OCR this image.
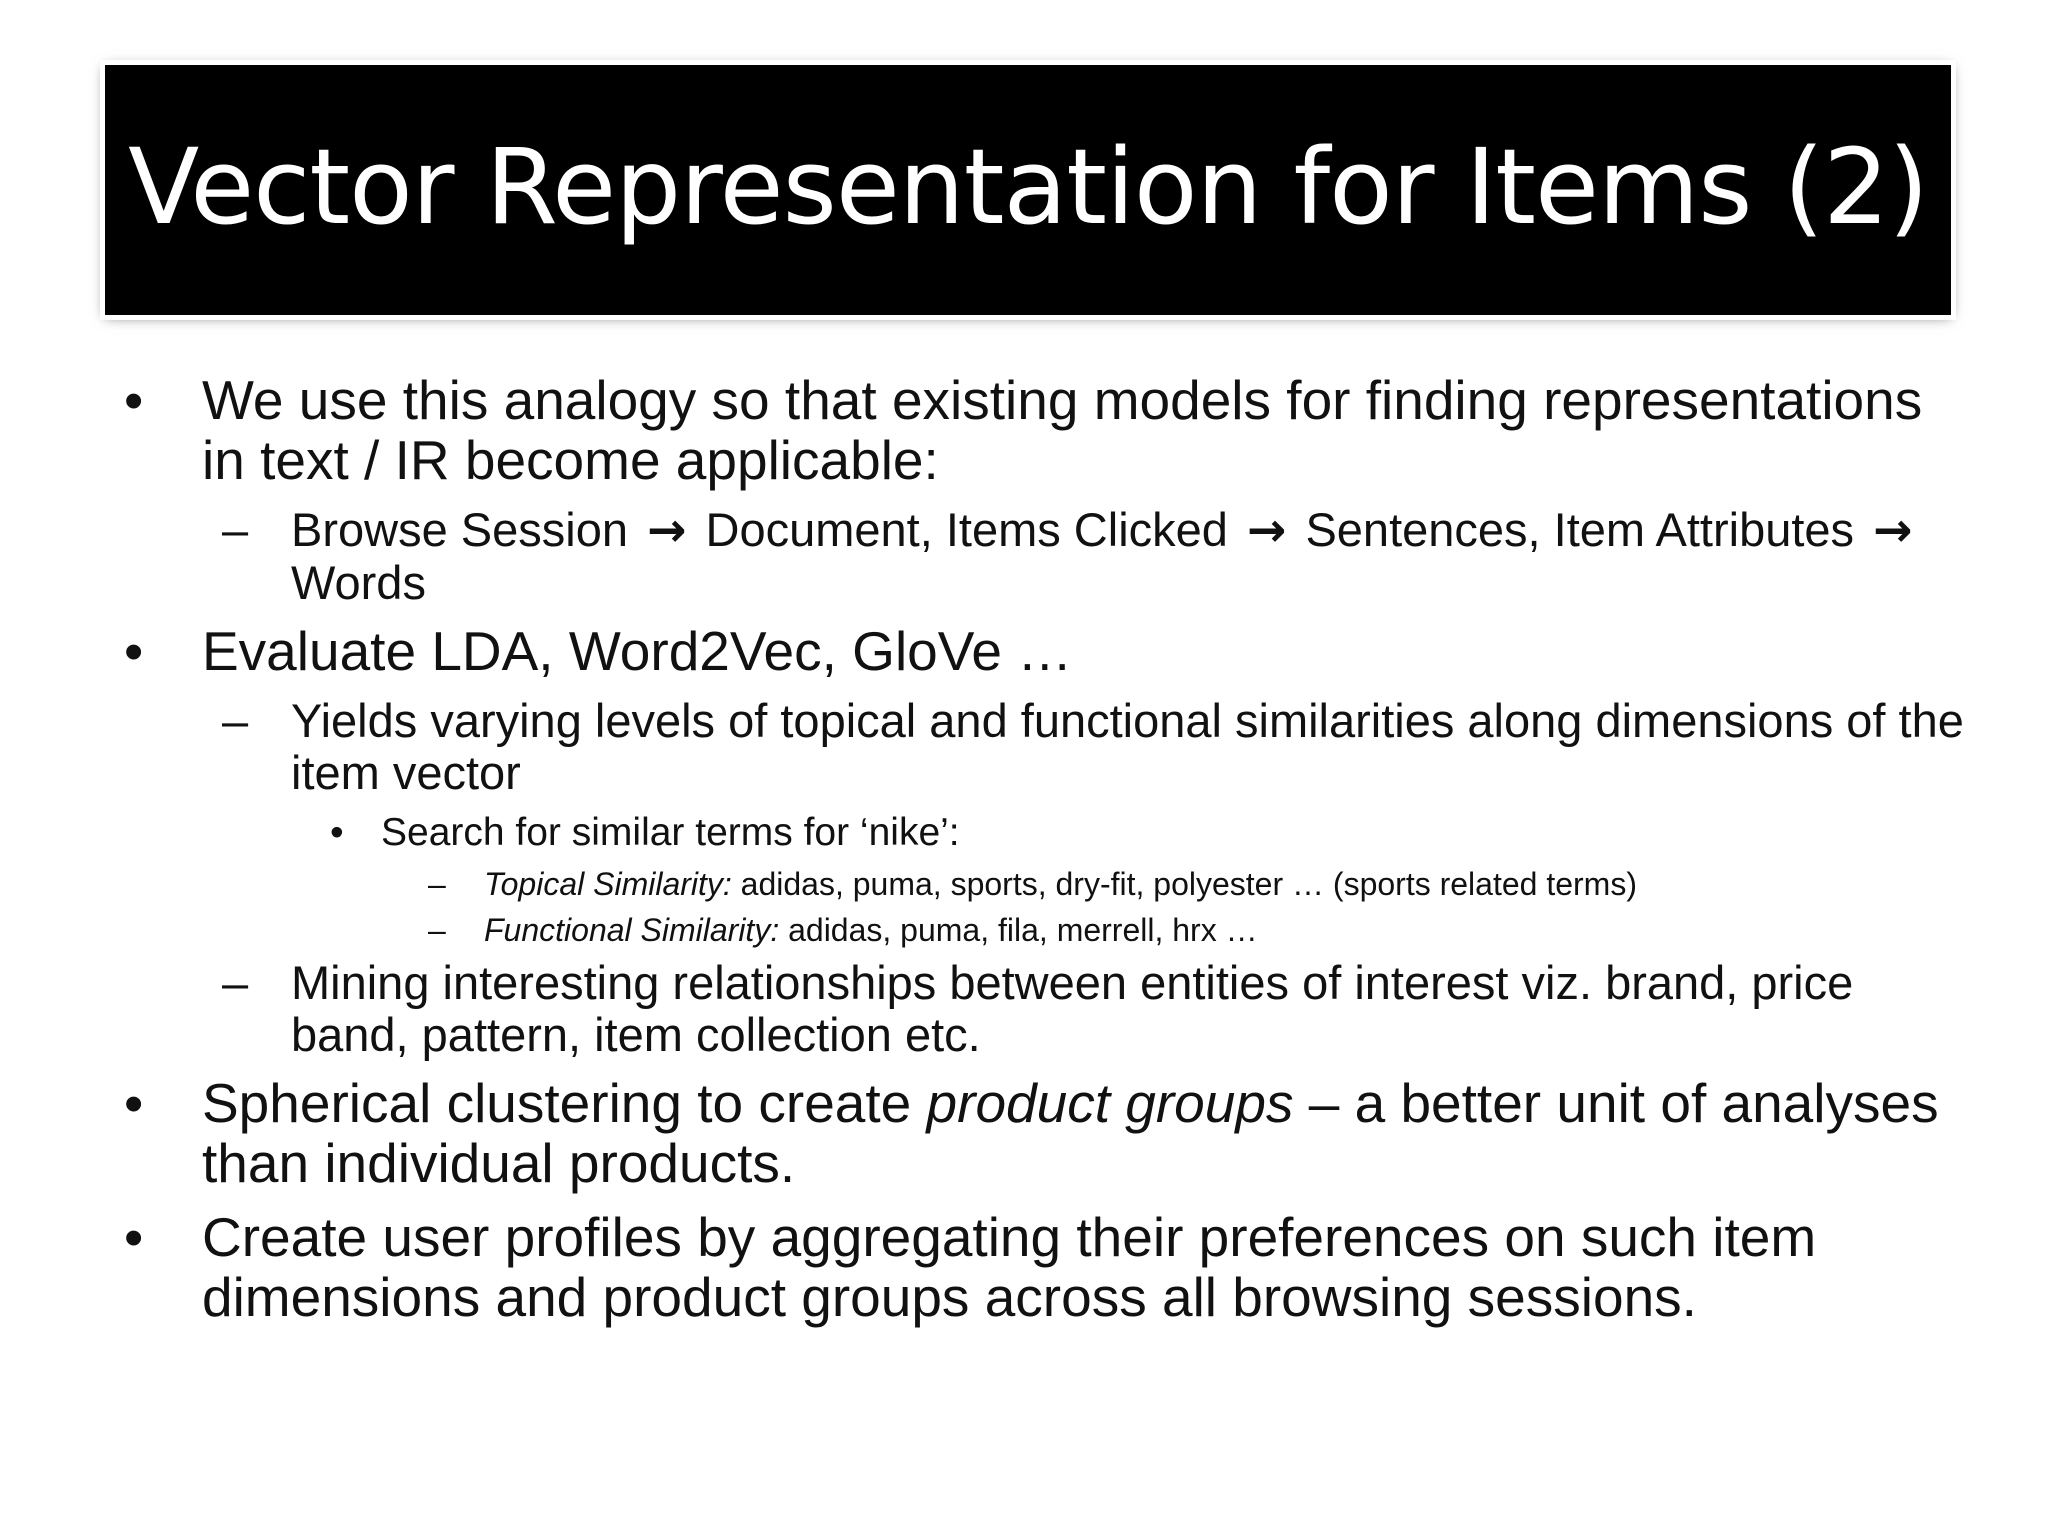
Vector Representation for Items (2)
• We use this analogy so that existing models for finding representations in text / IR become applicable:
– Browse Session → Document, Items Clicked → Sentences, Item Attributes → Words
• Evaluate LDA, Word2Vec, GloVe …
– Yields varying levels of topical and functional similarities along dimensions of the item vector
• Search for similar terms for ‘nike’:
– Topical Similarity: adidas, puma, sports, dry-fit, polyester … (sports related terms)
– Functional Similarity: adidas, puma, fila, merrell, hrx …
– Mining interesting relationships between entities of interest viz. brand, price band, pattern, item collection etc.
• Spherical clustering to create product groups – a better unit of analyses than individual products.
• Create user profiles by aggregating their preferences on such item dimensions and product groups across all browsing sessions.
